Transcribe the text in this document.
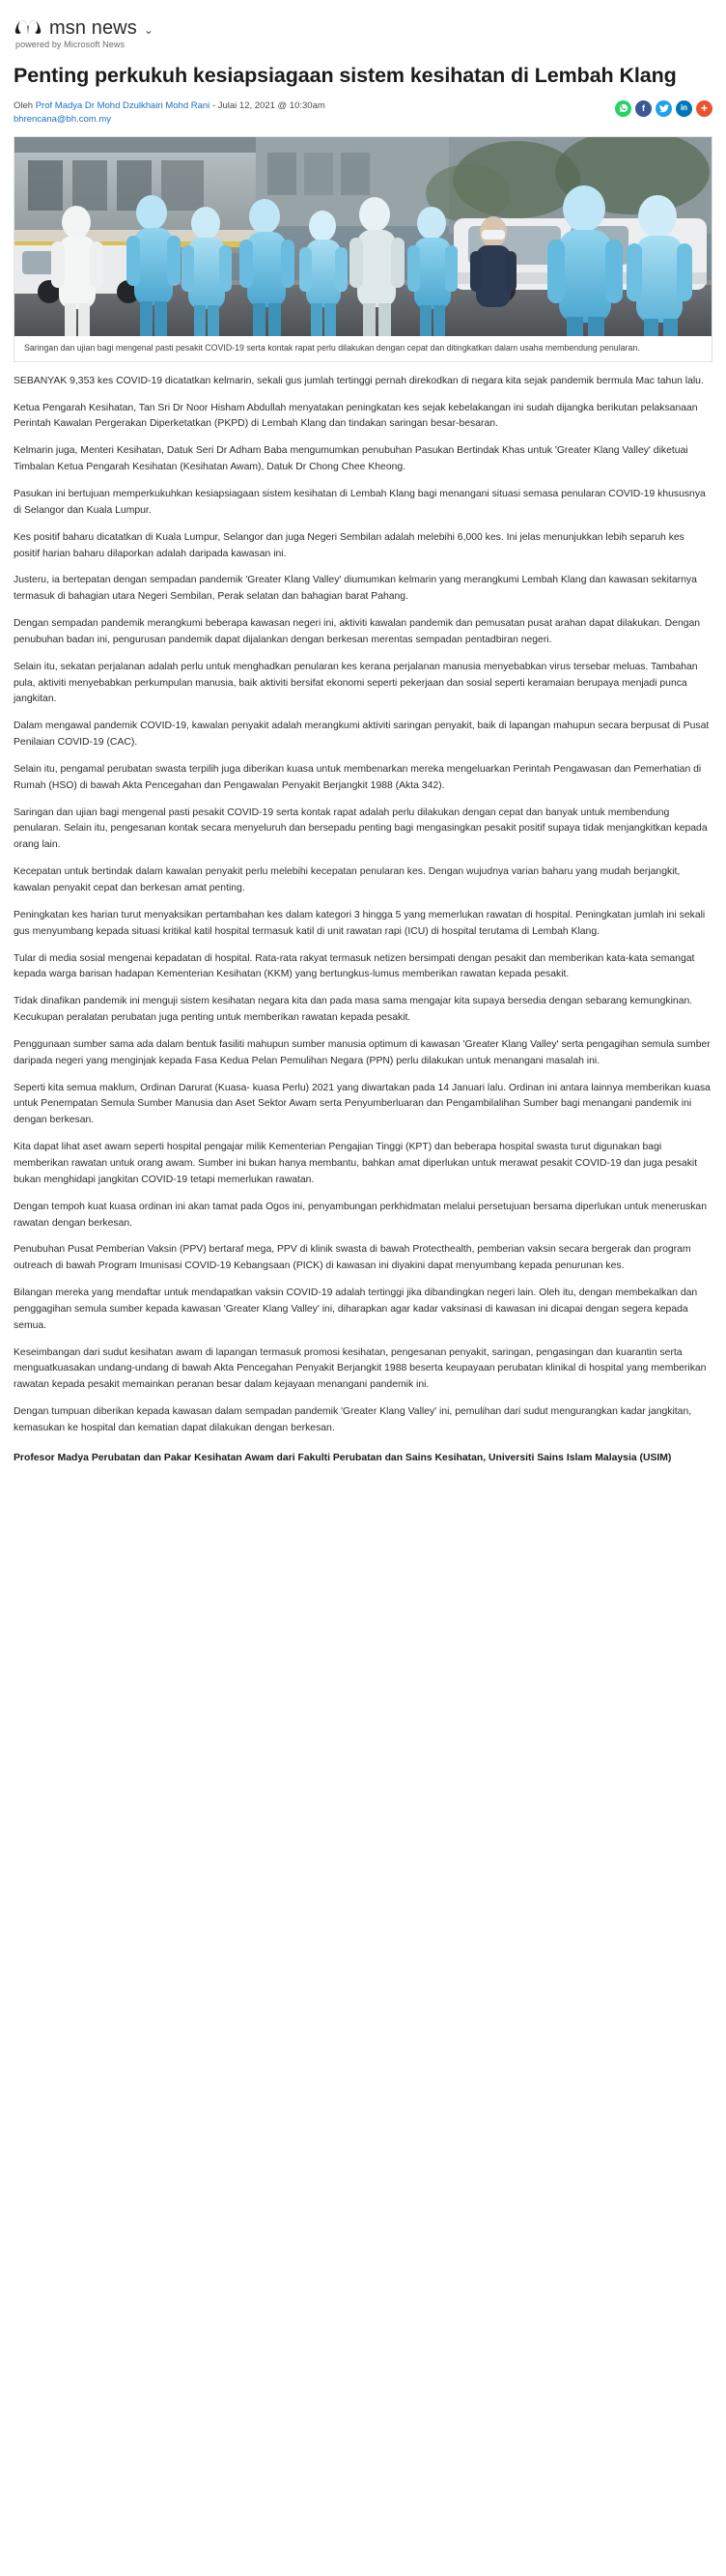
msn news ⌄
powered by Microsoft News
Penting perkukuh kesiapsiagaan sistem kesihatan di Lembah Klang
Oleh Prof Madya Dr Mohd Dzulkhairi Mohd Rani - Julai 12, 2021 @ 10:30am
bhrencana@bh.com.my
f	in	+
Saringan dan ujian bagi mengenal pasti pesakit COVID-19 serta kontak rapat perlu dilakukan dengan cepat dan ditingkatkan dalam usaha membendung penularan.

SEBANYAK 9,353 kes COVID-19 dicatatkan kelmarin, sekali gus jumlah tertinggi pernah direkodkan di negara kita sejak pandemik bermula Mac tahun lalu.

Ketua Pengarah Kesihatan, Tan Sri Dr Noor Hisham Abdullah menyatakan peningkatan kes sejak kebelakangan ini sudah dijangka berikutan pelaksanaan Perintah Kawalan Pergerakan Diperketatkan (PKPD) di Lembah Klang dan tindakan saringan besar-besaran.

Kelmarin juga, Menteri Kesihatan, Datuk Seri Dr Adham Baba mengumumkan penubuhan Pasukan Bertindak Khas untuk 'Greater Klang Valley' diketuai Timbalan Ketua Pengarah Kesihatan (Kesihatan Awam), Datuk Dr Chong Chee Kheong.

Pasukan ini bertujuan memperkukuhkan kesiapsiagaan sistem kesihatan di Lembah Klang bagi menangani situasi semasa penularan COVID-19 khususnya di Selangor dan Kuala Lumpur.

Kes positif baharu dicatatkan di Kuala Lumpur, Selangor dan juga Negeri Sembilan adalah melebihi 6,000 kes. Ini jelas menunjukkan lebih separuh kes positif harian baharu dilaporkan adalah daripada kawasan ini.

Justeru, ia bertepatan dengan sempadan pandemik 'Greater Klang Valley' diumumkan kelmarin yang merangkumi Lembah Klang dan kawasan sekitarnya termasuk di bahagian utara Negeri Sembilan, Perak selatan dan bahagian barat Pahang.

Dengan sempadan pandemik merangkumi beberapa kawasan negeri ini, aktiviti kawalan pandemik dan pemusatan pusat arahan dapat dilakukan. Dengan penubuhan badan ini, pengurusan pandemik dapat dijalankan dengan berkesan merentas sempadan pentadbiran negeri.

Selain itu, sekatan perjalanan adalah perlu untuk menghadkan penularan kes kerana perjalanan manusia menyebabkan virus tersebar meluas. Tambahan pula, aktiviti menyebabkan perkumpulan manusia, baik aktiviti bersifat ekonomi seperti pekerjaan dan sosial seperti keramaian berupaya menjadi punca jangkitan.

Dalam mengawal pandemik COVID-19, kawalan penyakit adalah merangkumi aktiviti saringan penyakit, baik di lapangan mahupun secara berpusat di Pusat Penilaian COVID-19 (CAC).

Selain itu, pengamal perubatan swasta terpilih juga diberikan kuasa untuk membenarkan mereka mengeluarkan Perintah Pengawasan dan Pemerhatian di Rumah (HSO) di bawah Akta Pencegahan dan Pengawalan Penyakit Berjangkit 1988 (Akta 342).

Saringan dan ujian bagi mengenal pasti pesakit COVID-19 serta kontak rapat adalah perlu dilakukan dengan cepat dan banyak untuk membendung penularan. Selain itu, pengesanan kontak secara menyeluruh dan bersepadu penting bagi mengasingkan pesakit positif supaya tidak menjangkitkan kepada orang lain.

Kecepatan untuk bertindak dalam kawalan penyakit perlu melebihi kecepatan penularan kes. Dengan wujudnya varian baharu yang mudah berjangkit, kawalan penyakit cepat dan berkesan amat penting.

Peningkatan kes harian turut menyaksikan pertambahan kes dalam kategori 3 hingga 5 yang memerlukan rawatan di hospital. Peningkatan jumlah ini sekali gus menyumbang kepada situasi kritikal katil hospital termasuk katil di unit rawatan rapi (ICU) di hospital terutama di Lembah Klang.

Tular di media sosial mengenai kepadatan di hospital. Rata-rata rakyat termasuk netizen bersimpati dengan pesakit dan memberikan kata-kata semangat kepada warga barisan hadapan Kementerian Kesihatan (KKM) yang bertungkus-lumus memberikan rawatan kepada pesakit.

Tidak dinafikan pandemik ini menguji sistem kesihatan negara kita dan pada masa sama mengajar kita supaya bersedia dengan sebarang kemungkinan. Kecukupan peralatan perubatan juga penting untuk memberikan rawatan kepada pesakit.

Penggunaan sumber sama ada dalam bentuk fasiliti mahupun sumber manusia optimum di kawasan 'Greater Klang Valley' serta pengagihan semula sumber daripada negeri yang menginjak kepada Fasa Kedua Pelan Pemulihan Negara (PPN) perlu dilakukan untuk menangani masalah ini.

Seperti kita semua maklum, Ordinan Darurat (Kuasa- kuasa Perlu) 2021 yang diwartakan pada 14 Januari lalu. Ordinan ini antara lainnya memberikan kuasa untuk Penempatan Semula Sumber Manusia dan Aset Sektor Awam serta Penyumberluaran dan Pengambilalihan Sumber bagi menangani pandemik ini dengan berkesan.

Kita dapat lihat aset awam seperti hospital pengajar milik Kementerian Pengajian Tinggi (KPT) dan beberapa hospital swasta turut digunakan bagi memberikan rawatan untuk orang awam. Sumber ini bukan hanya membantu, bahkan amat diperlukan untuk merawat pesakit COVID-19 dan juga pesakit bukan menghidapi jangkitan COVID-19 tetapi memerlukan rawatan.

Dengan tempoh kuat kuasa ordinan ini akan tamat pada Ogos ini, penyambungan perkhidmatan melalui persetujuan bersama diperlukan untuk meneruskan rawatan dengan berkesan.

Penubuhan Pusat Pemberian Vaksin (PPV) bertaraf mega, PPV di klinik swasta di bawah Protecthealth, pemberian vaksin secara bergerak dan program outreach di bawah Program Imunisasi COVID-19 Kebangsaan (PICK) di kawasan ini diyakini dapat menyumbang kepada penurunan kes.

Bilangan mereka yang mendaftar untuk mendapatkan vaksin COVID-19 adalah tertinggi jika dibandingkan negeri lain. Oleh itu, dengan membekalkan dan penggagihan semula sumber kepada kawasan 'Greater Klang Valley' ini, diharapkan agar kadar vaksinasi di kawasan ini dicapai dengan segera kepada semua.

Keseimbangan dari sudut kesihatan awam di lapangan termasuk promosi kesihatan, pengesanan penyakit, saringan, pengasingan dan kuarantin serta menguatkuasakan undang-undang di bawah Akta Pencegahan Penyakit Berjangkit 1988 beserta keupayaan perubatan klinikal di hospital yang memberikan rawatan kepada pesakit memainkan peranan besar dalam kejayaan menangani pandemik ini.

Dengan tumpuan diberikan kepada kawasan dalam sempadan pandemik 'Greater Klang Valley' ini, pemulihan dari sudut mengurangkan kadar jangkitan, kemasukan ke hospital dan kematian dapat dilakukan dengan berkesan.

Profesor Madya Perubatan dan Pakar Kesihatan Awam dari Fakulti Perubatan dan Sains Kesihatan, Universiti Sains Islam Malaysia (USIM)
